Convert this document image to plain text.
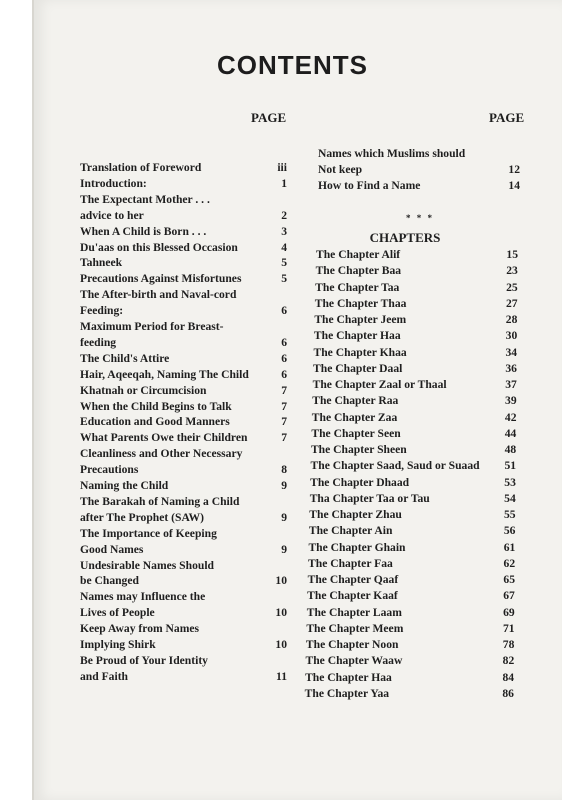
CONTENTS
PAGE	PAGE
Translation of Foreword	iii
Introduction:	1
The Expectant Mother . . .
advice to her	2
When A Child is Born . . .	3
Du'aas on this Blessed Occasion	4
Tahneek	5
Precautions Against Misfortunes	5
The After-birth and Naval-cord
Feeding:	6
Maximum Period for Breast-
feeding	6
The Child's Attire	6
Hair, Aqeeqah, Naming The Child	6
Khatnah or Circumcision	7
When the Child Begins to Talk	7
Education and Good Manners	7
What Parents Owe their Children	7
Cleanliness and Other Necessary
Precautions	8
Naming the Child	9
The Barakah of Naming a Child
after The Prophet (SAW)	9
The Importance of Keeping
Good Names	9
Undesirable Names Should
be Changed	10
Names may Influence the
Lives of People	10
Keep Away from Names
Implying Shirk	10
Be Proud of Your Identity
and Faith	11
Names which Muslims should
Not keep	12
How to Find a Name	14
* * *
CHAPTERS
The Chapter Alif	15
The Chapter Baa	23
The Chapter Taa	25
The Chapter Thaa	27
The Chapter Jeem	28
The Chapter Haa	30
The Chapter Khaa	34
The Chapter Daal	36
The Chapter Zaal or Thaal	37
The Chapter Raa	39
The Chapter Zaa	42
The Chapter Seen	44
The Chapter Sheen	48
The Chapter Saad, Saud or Suaad	51
The Chapter Dhaad	53
Tha Chapter Taa or Tau	54
The Chapter Zhau	55
The Chapter Ain	56
The Chapter Ghain	61
The Chapter Faa	62
The Chapter Qaaf	65
The Chapter Kaaf	67
The Chapter Laam	69
The Chapter Meem	71
The Chapter Noon	78
The Chapter Waaw	82
The Chapter Haa	84
The Chapter Yaa	86
